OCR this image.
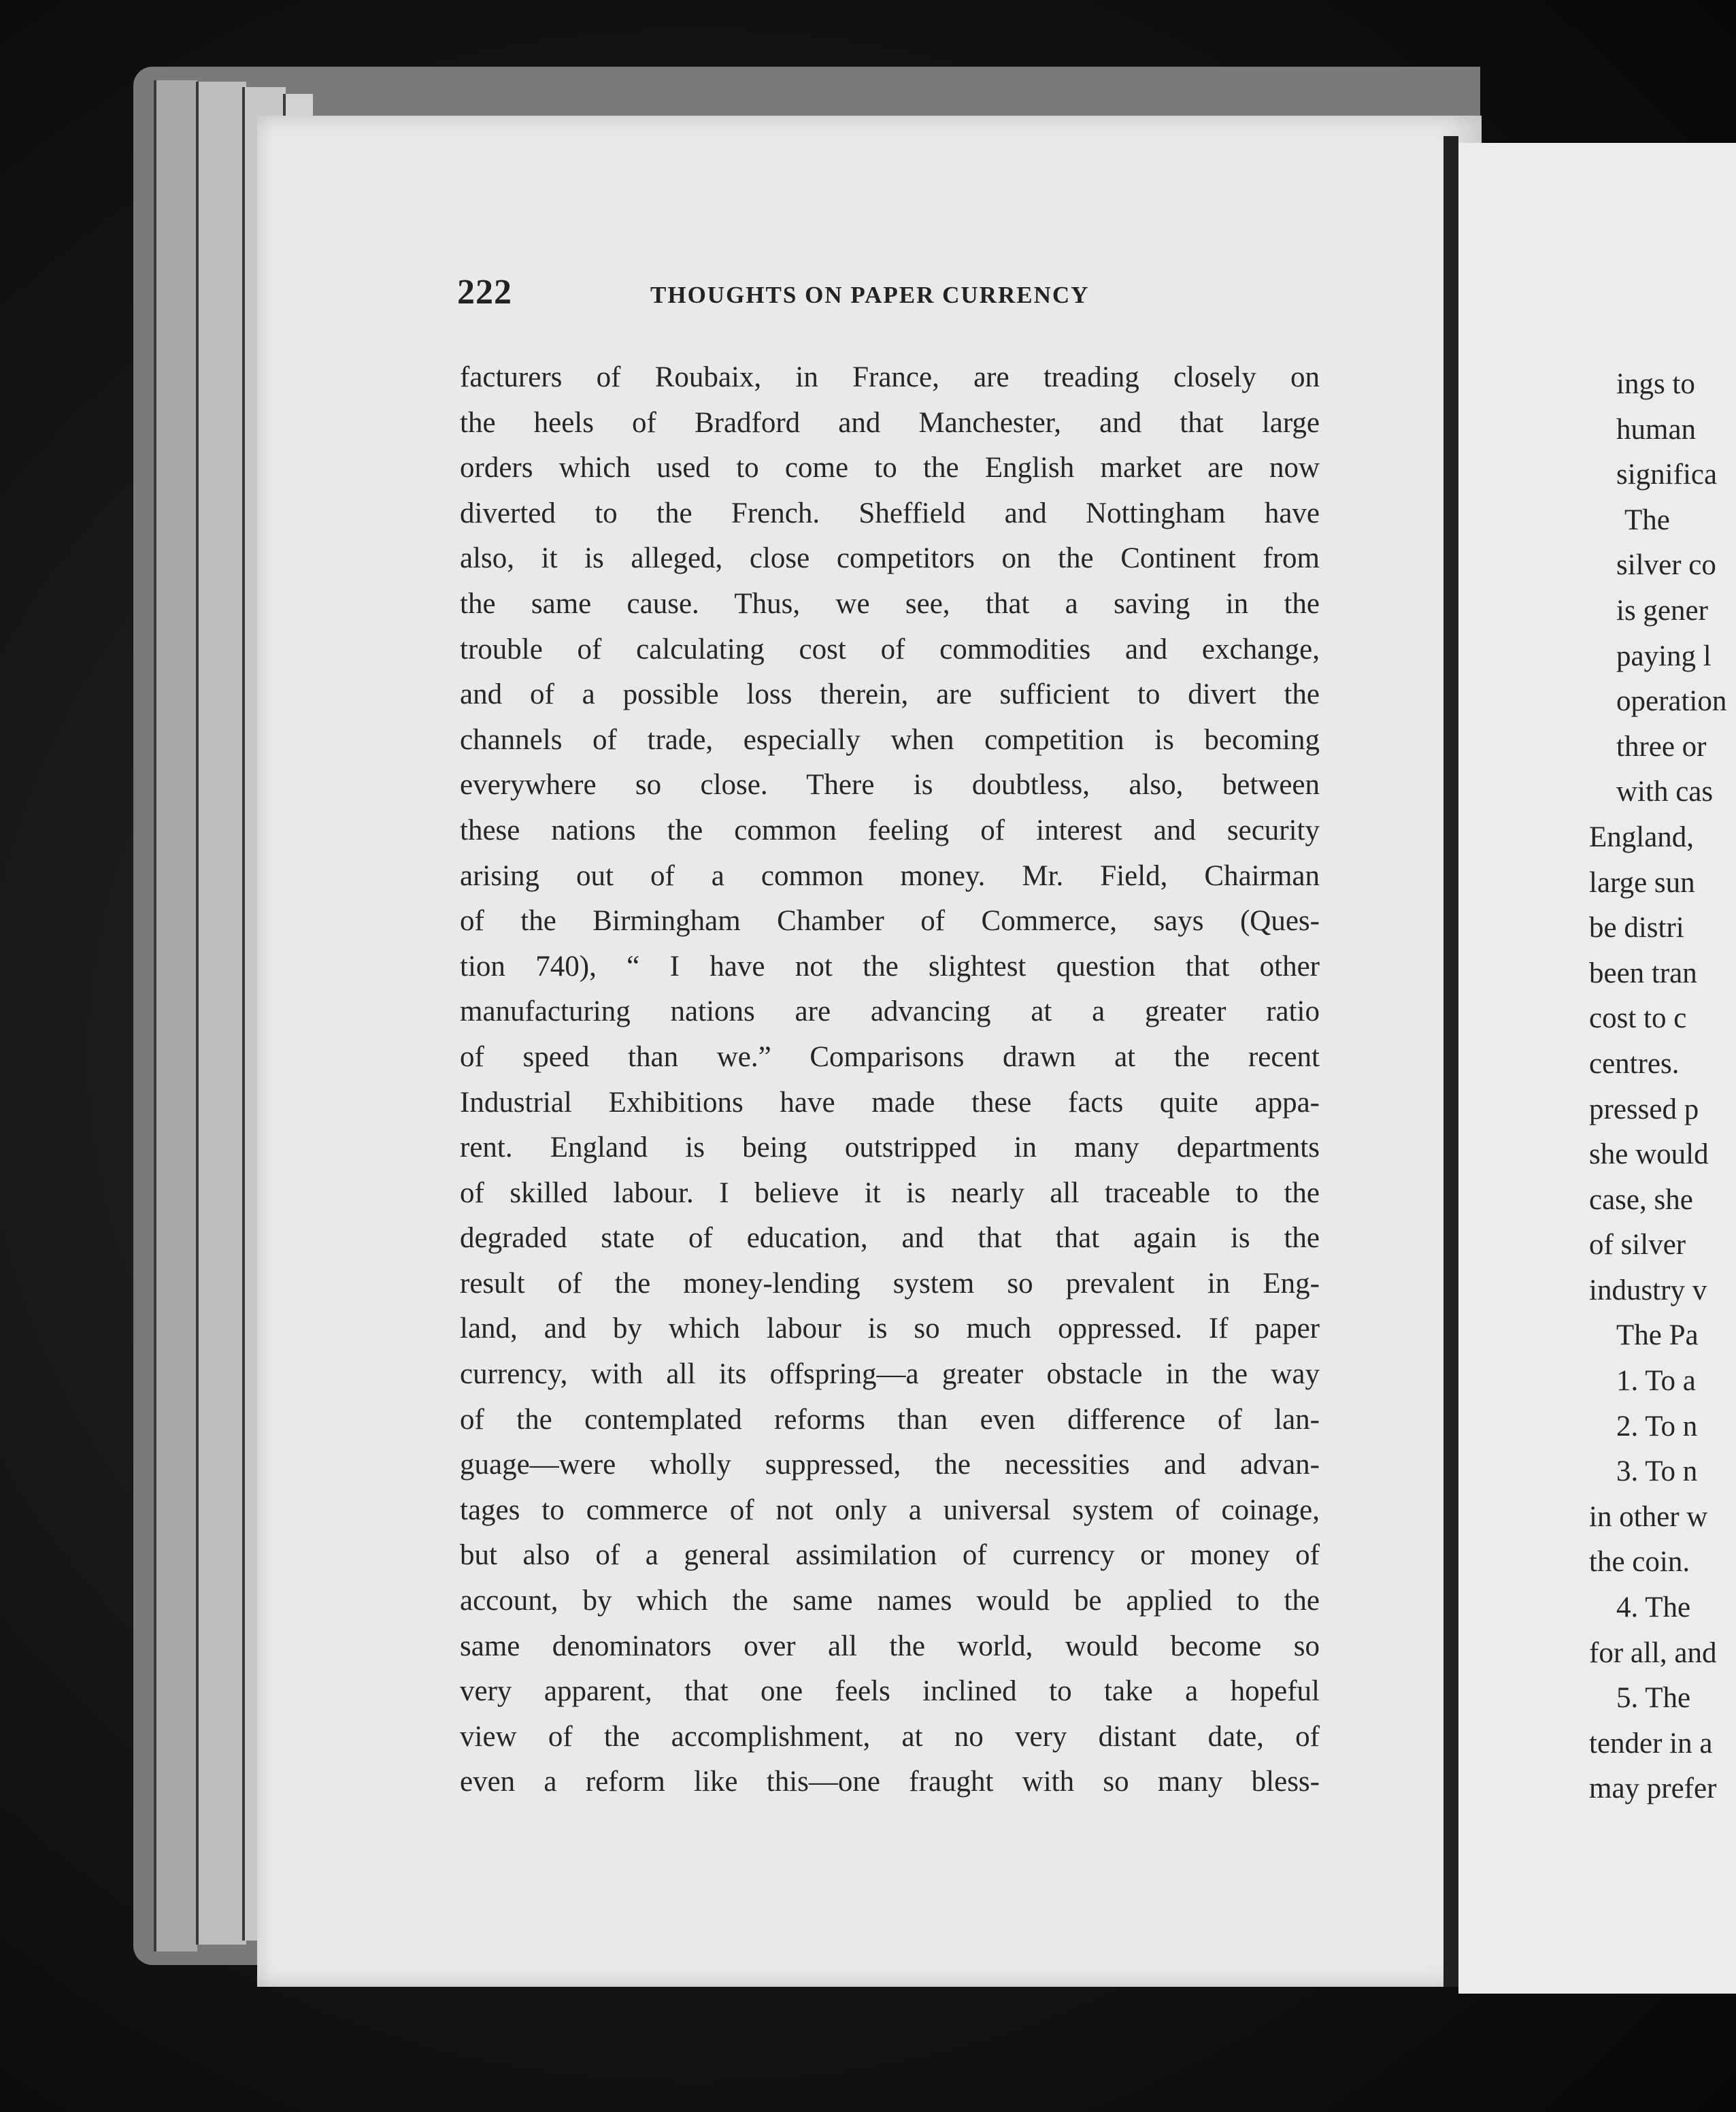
222	THOUGHTS ON PAPER CURRENCY
facturers of Roubaix, in France, are treading closely on
the heels of Bradford and Manchester, and that large
orders which used to come to the English market are now
diverted to the French. Sheffield and Nottingham have
also, it is alleged, close competitors on the Continent from
the same cause. Thus, we see, that a saving in the
trouble of calculating cost of commodities and exchange,
and of a possible loss therein, are sufficient to divert the
channels of trade, especially when competition is becoming
everywhere so close. There is doubtless, also, between
these nations the common feeling of interest and security
arising out of a common money. Mr. Field, Chairman
of the Birmingham Chamber of Commerce, says (Ques-
tion 740), “ I have not the slightest question that other
manufacturing nations are advancing at a greater ratio
of speed than we.” Comparisons drawn at the recent
Industrial Exhibitions have made these facts quite appa-
rent. England is being outstripped in many departments
of skilled labour. I believe it is nearly all traceable to the
degraded state of education, and that that again is the
result of the money-lending system so prevalent in Eng-
land, and by which labour is so much oppressed. If paper
currency, with all its offspring—a greater obstacle in the way
of the contemplated reforms than even difference of lan-
guage—were wholly suppressed, the necessities and advan-
tages to commerce of not only a universal system of coinage,
but also of a general assimilation of currency or money of
account, by which the same names would be applied to the
same denominators over all the world, would become so
very apparent, that one feels inclined to take a hopeful
view of the accomplishment, at no very distant date, of
even a reform like this—one fraught with so many bless-
ings to
human
significa
The
silver co
is gener
paying l
operation
three or
with cas
England,
large sun
be distri
been tran
cost to c
centres.
pressed p
she would
case, she
of silver
industry v
The Pa
1. To a
2. To n
3. To n
in other w
the coin.
4. The
for all, and
5. The
tender in a
may prefer
